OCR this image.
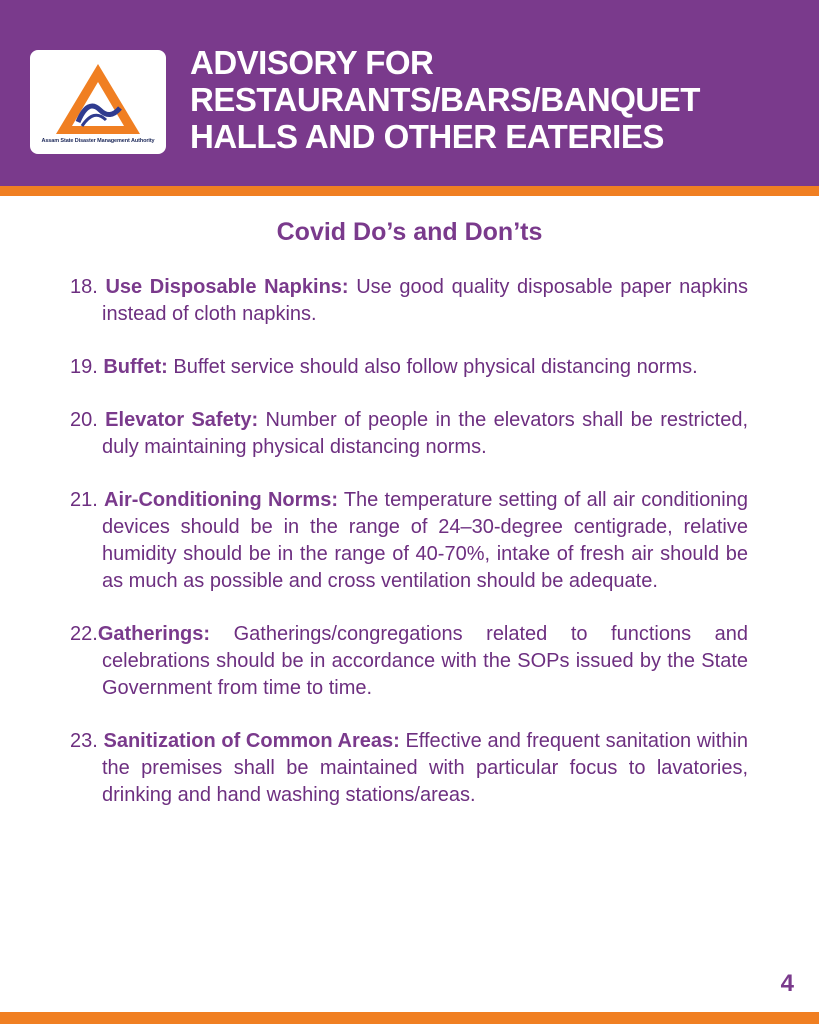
Assam State Disaster Management Authority
ADVISORY FOR
RESTAURANTS/BARS/BANQUET
HALLS AND OTHER EATERIES
Covid Do’s and Don’ts

18. Use Disposable Napkins: Use good quality disposable paper napkins instead of cloth napkins.

19. Buffet: Buffet service should also follow physical distancing norms.

20. Elevator Safety: Number of people in the elevators shall be restricted, duly maintaining physical distancing norms.

21. Air-Conditioning Norms: The temperature setting of all air conditioning devices should be in the range of 24–30-degree centigrade, relative humidity should be in the range of 40-70%, intake of fresh air should be as much as possible and cross ventilation should be adequate.

22.Gatherings: Gatherings/congregations related to functions and celebrations should be in accordance with the SOPs issued by the State Government from time to time.

23. Sanitization of Common Areas: Effective and frequent sanitation within the premises shall be maintained with particular focus to lavatories, drinking and hand washing stations/areas.

4
